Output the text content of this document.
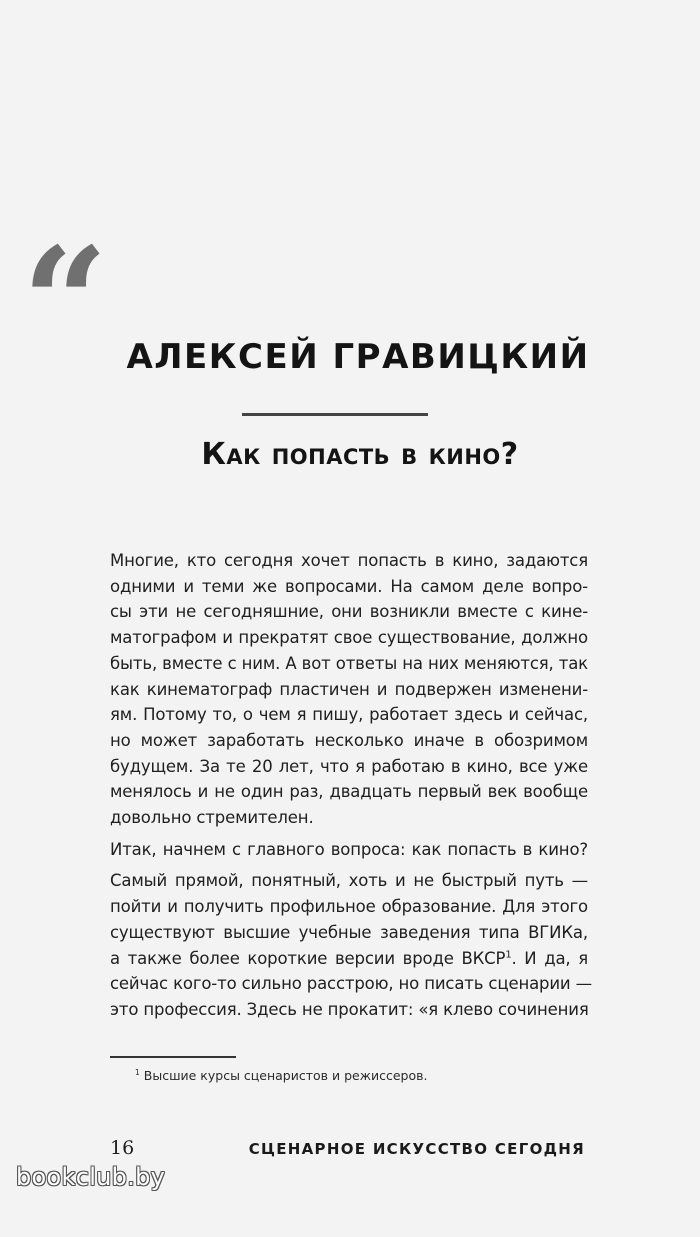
“ АЛЕКСЕЙ ГРАВИЦКИЙ
Как попасть в кино?

Многие, кто сегодня хочет попасть в кино, задаются
одними и теми же вопросами. На самом деле вопро-
сы эти не сегодняшние, они возникли вместе с кине-
матографом и прекратят свое существование, должно
быть, вместе с ним. А вот ответы на них меняются, так
как кинематограф пластичен и подвержен изменени-
ям. Потому то, о чем я пишу, работает здесь и сейчас,
но может заработать несколько иначе в обозримом
будущем. За те 20 лет, что я работаю в кино, все уже
менялось и не один раз, двадцать первый век вообще
довольно стремителен.

Итак, начнем с главного вопроса: как попасть в кино?

Самый прямой, понятный, хоть и не быстрый путь —
пойти и получить профильное образование. Для этого
существуют высшие учебные заведения типа ВГИКа,
а также более короткие версии вроде ВКСР$^1$. И да, я
сейчас кого-то сильно расстрою, но писать сценарии —
это профессия. Здесь не прокатит: «я клево сочинения

$^1$ Высшие курсы сценаристов и режиссеров.
16	СЦЕНАРНОЕ ИСКУССТВО СЕГОДНЯ
bookclub.by
